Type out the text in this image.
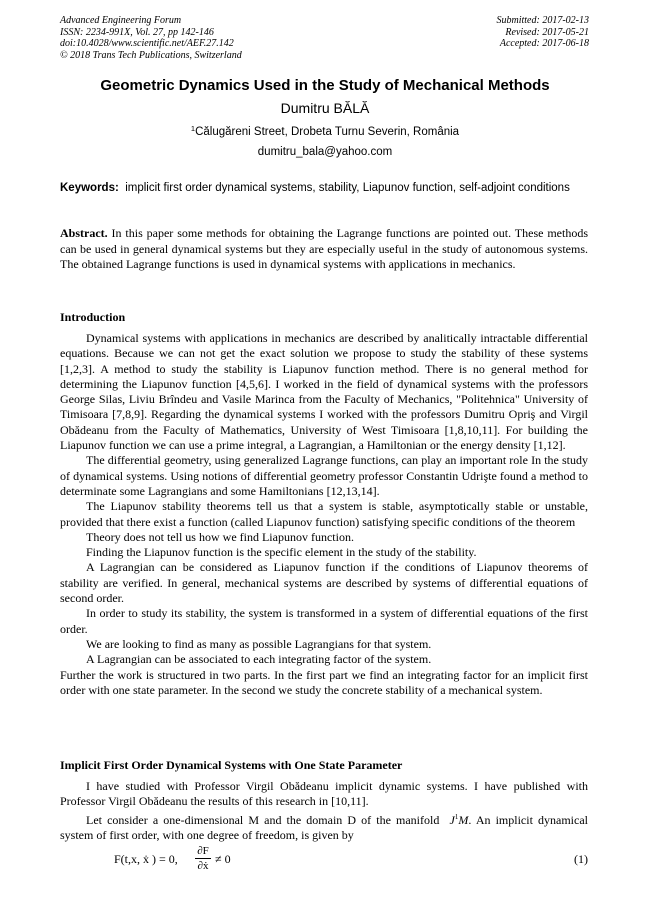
Advanced Engineering Forum
ISSN: 2234-991X, Vol. 27, pp 142-146
doi:10.4028/www.scientific.net/AEF.27.142
© 2018 Trans Tech Publications, Switzerland
Submitted: 2017-02-13
Revised: 2017-05-21
Accepted: 2017-06-18
Geometric Dynamics Used in the Study of Mechanical Methods
Dumitru BĂLĂ
$^1$Călugăreni Street, Drobeta Turnu Severin, România
dumitru_bala@yahoo.com
Keywords: implicit first order dynamical systems, stability, Liapunov function, self-adjoint conditions
Abstract. In this paper some methods for obtaining the Lagrange functions are pointed out. These methods can be used in general dynamical systems but they are especially useful in the study of autonomous systems. The obtained Lagrange functions is used in dynamical systems with applications in mechanics.
Introduction

Dynamical systems with applications in mechanics are described by analitically intractable differential equations. Because we can not get the exact solution we propose to study the stability of these systems [1,2,3]. A method to study the stability is Liapunov function method. There is no general method for determining the Liapunov function [4,5,6]. I worked in the field of dynamical systems with the professors George Silas, Liviu Brîndeu and Vasile Marinca from the Faculty of Mechanics, "Politehnica" University of Timisoara [7,8,9]. Regarding the dynamical systems I worked with the professors Dumitru Opriş and Virgil Obădeanu from the Faculty of Mathematics, University of West Timisoara [1,8,10,11]. For building the Liapunov function we can use a prime integral, a Lagrangian, a Hamiltonian or the energy density [1,12].

The differential geometry, using generalized Lagrange functions, can play an important role In the study of dynamical systems. Using notions of differential geometry professor Constantin Udrişte found a method to determinate some Lagrangians and some Hamiltonians [12,13,14].

The Liapunov stability theorems tell us that a system is stable, asymptotically stable or unstable, provided that there exist a function (called Liapunov function) satisfying specific conditions of the theorem

Theory does not tell us how we find Liapunov function.

Finding the Liapunov function is the specific element in the study of the stability.

A Lagrangian can be considered as Liapunov function if the conditions of Liapunov theorems of stability are verified. In general, mechanical systems are described by systems of differential equations of second order.

In order to study its stability, the system is transformed in a system of differential equations of the first order.

We are looking to find as many as possible Lagrangians for that system.

A Lagrangian can be associated to each integrating factor of the system.

Further the work is structured in two parts. In the first part we find an integrating factor for an implicit first order with one state parameter. In the second we study the concrete stability of a mechanical system.

Implicit First Order Dynamical Systems with One State Parameter

I have studied with Professor Virgil Obădeanu implicit dynamic systems. I have published with Professor Virgil Obădeanu the results of this research in [10,11].

Let consider a one-dimensional M and the domain D of the manifold $J^1M$. An implicit dynamical system of first order, with one degree of freedom, is given by

F(t,x, ẋ ) = 0,
∂F
∂ẋ ≠ 0	(1)
